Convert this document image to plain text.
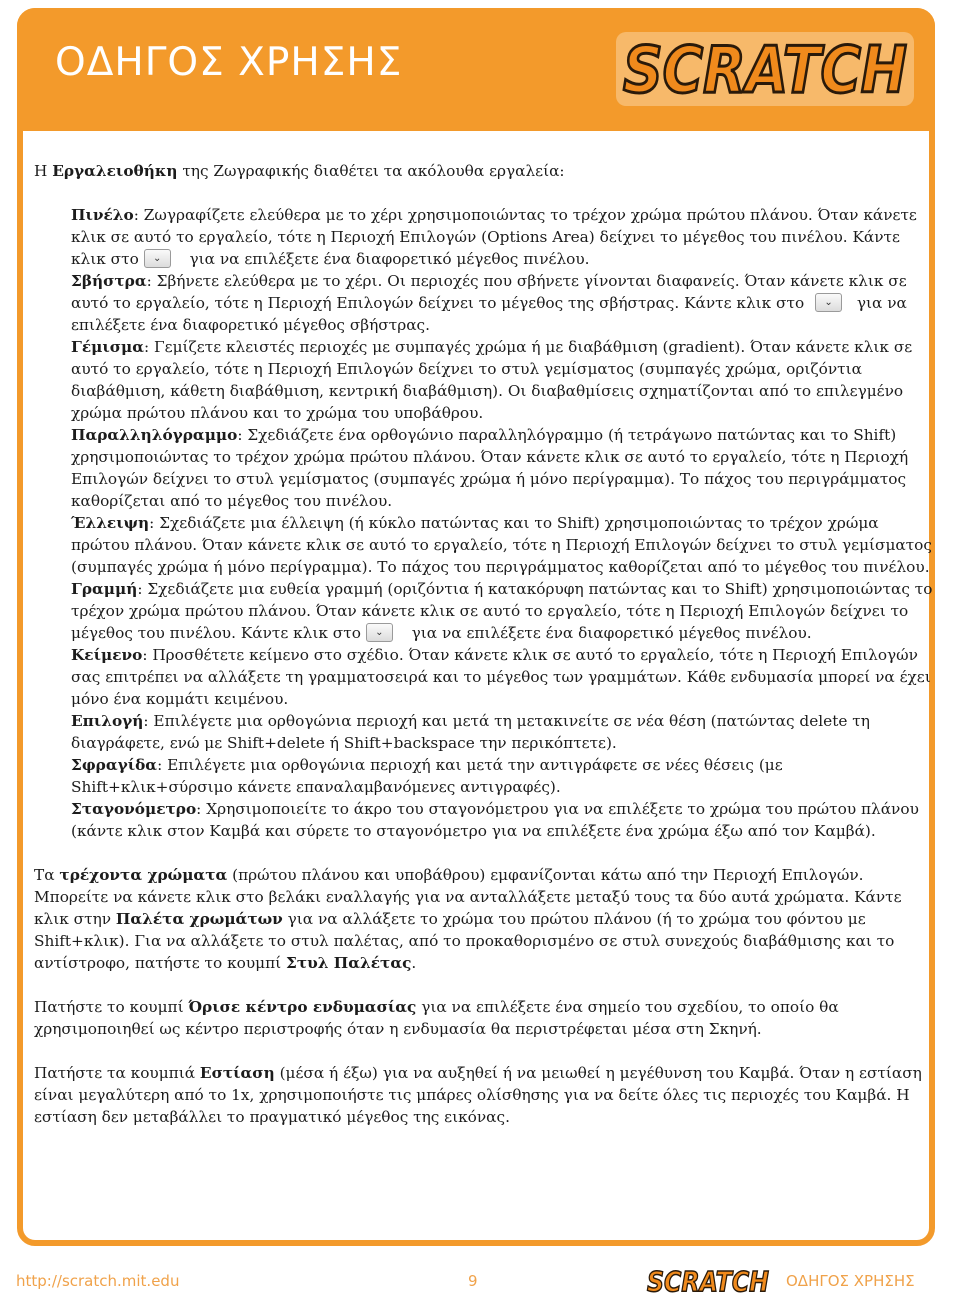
ΟΔΗΓΟΣ ΧΡΗΣΗΣ	SCRATCH

Η Εργαλειοθήκη της Ζωγραφικής διαθέτει τα ακόλουθα εργαλεία:

Πινέλο: Ζωγραφίζετε ελεύθερα με το χέρι χρησιμοποιώντας το τρέχον χρώμα πρώτου πλάνου. Όταν κάνετε κλικ σε αυτό το εργαλείο, τότε η Περιοχή Επιλογών (Options Area) δείχνει το μέγεθος του πινέλου. Κάντε κλικ στο ⌄ για να επιλέξετε ένα διαφορετικό μέγεθος πινέλου.

Σβήστρα: Σβήνετε ελεύθερα με το χέρι. Οι περιοχές που σβήνετε γίνονται διαφανείς. Όταν κάνετε κλικ σε αυτό το εργαλείο, τότε η Περιοχή Επιλογών δείχνει το μέγεθος της σβήστρας. Κάντε κλικ στο ⌄ για να επιλέξετε ένα διαφορετικό μέγεθος σβήστρας.

Γέμισμα: Γεμίζετε κλειστές περιοχές με συμπαγές χρώμα ή με διαβάθμιση (gradient). Όταν κάνετε κλικ σε αυτό το εργαλείο, τότε η Περιοχή Επιλογών δείχνει το στυλ γεμίσματος (συμπαγές χρώμα, οριζόντια διαβάθμιση, κάθετη διαβάθμιση, κεντρική διαβάθμιση). Οι διαβαθμίσεις σχηματίζονται από το επιλεγμένο χρώμα πρώτου πλάνου και το χρώμα του υποβάθρου.

Παραλληλόγραμμο: Σχεδιάζετε ένα ορθογώνιο παραλληλόγραμμο (ή τετράγωνο πατώντας και το Shift) χρησιμοποιώντας το τρέχον χρώμα πρώτου πλάνου. Όταν κάνετε κλικ σε αυτό το εργαλείο, τότε η Περιοχή Επιλογών δείχνει το στυλ γεμίσματος (συμπαγές χρώμα ή μόνο περίγραμμα). Το πάχος του περιγράμματος καθορίζεται από το μέγεθος του πινέλου.

Έλλειψη: Σχεδιάζετε μια έλλειψη (ή κύκλο πατώντας και το Shift) χρησιμοποιώντας το τρέχον χρώμα πρώτου πλάνου. Όταν κάνετε κλικ σε αυτό το εργαλείο, τότε η Περιοχή Επιλογών δείχνει το στυλ γεμίσματος (συμπαγές χρώμα ή μόνο περίγραμμα). Το πάχος του περιγράμματος καθορίζεται από το μέγεθος του πινέλου.

Γραμμή: Σχεδιάζετε μια ευθεία γραμμή (οριζόντια ή κατακόρυφη πατώντας και το Shift) χρησιμοποιώντας το τρέχον χρώμα πρώτου πλάνου. Όταν κάνετε κλικ σε αυτό το εργαλείο, τότε η Περιοχή Επιλογών δείχνει το μέγεθος του πινέλου. Κάντε κλικ στο ⌄ για να επιλέξετε ένα διαφορετικό μέγεθος πινέλου.

Κείμενο: Προσθέτετε κείμενο στο σχέδιο. Όταν κάνετε κλικ σε αυτό το εργαλείο, τότε η Περιοχή Επιλογών σας επιτρέπει να αλλάξετε τη γραμματοσειρά και το μέγεθος των γραμμάτων. Κάθε ενδυμασία μπορεί να έχει μόνο ένα κομμάτι κειμένου.

Επιλογή: Επιλέγετε μια ορθογώνια περιοχή και μετά τη μετακινείτε σε νέα θέση (πατώντας delete τη διαγράφετε, ενώ με Shift+delete ή Shift+backspace την περικόπτετε).

Σφραγίδα: Επιλέγετε μια ορθογώνια περιοχή και μετά την αντιγράφετε σε νέες θέσεις (με Shift+κλικ+σύρσιμο κάνετε επαναλαμβανόμενες αντιγραφές).

Σταγονόμετρο: Χρησιμοποιείτε το άκρο του σταγονόμετρου για να επιλέξετε το χρώμα του πρώτου πλάνου (κάντε κλικ στον Καμβά και σύρετε το σταγονόμετρο για να επιλέξετε ένα χρώμα έξω από τον Καμβά).

Τα τρέχοντα χρώματα (πρώτου πλάνου και υποβάθρου) εμφανίζονται κάτω από την Περιοχή Επιλογών. Μπορείτε να κάνετε κλικ στο βελάκι εναλλαγής για να ανταλλάξετε μεταξύ τους τα δύο αυτά χρώματα. Κάντε κλικ στην Παλέτα χρωμάτων για να αλλάξετε το χρώμα του πρώτου πλάνου (ή το χρώμα του φόντου με Shift+κλικ). Για να αλλάξετε το στυλ παλέτας, από το προκαθορισμένο σε στυλ συνεχούς διαβάθμισης και το αντίστροφο, πατήστε το κουμπί Στυλ Παλέτας.

Πατήστε το κουμπί Όρισε κέντρο ενδυμασίας για να επιλέξετε ένα σημείο του σχεδίου, το οποίο θα χρησιμοποιηθεί ως κέντρο περιστροφής όταν η ενδυμασία θα περιστρέφεται μέσα στη Σκηνή.

Πατήστε τα κουμπιά Εστίαση (μέσα ή έξω) για να αυξηθεί ή να μειωθεί η μεγέθυνση του Καμβά. Όταν η εστίαση είναι μεγαλύτερη από το 1x, χρησιμοποιήστε τις μπάρες ολίσθησης για να δείτε όλες τις περιοχές του Καμβά. Η εστίαση δεν μεταβάλλει το πραγματικό μέγεθος της εικόνας.

http://scratch.mit.edu	9	SCRATCH ΟΔΗΓΟΣ ΧΡΗΣΗΣ
